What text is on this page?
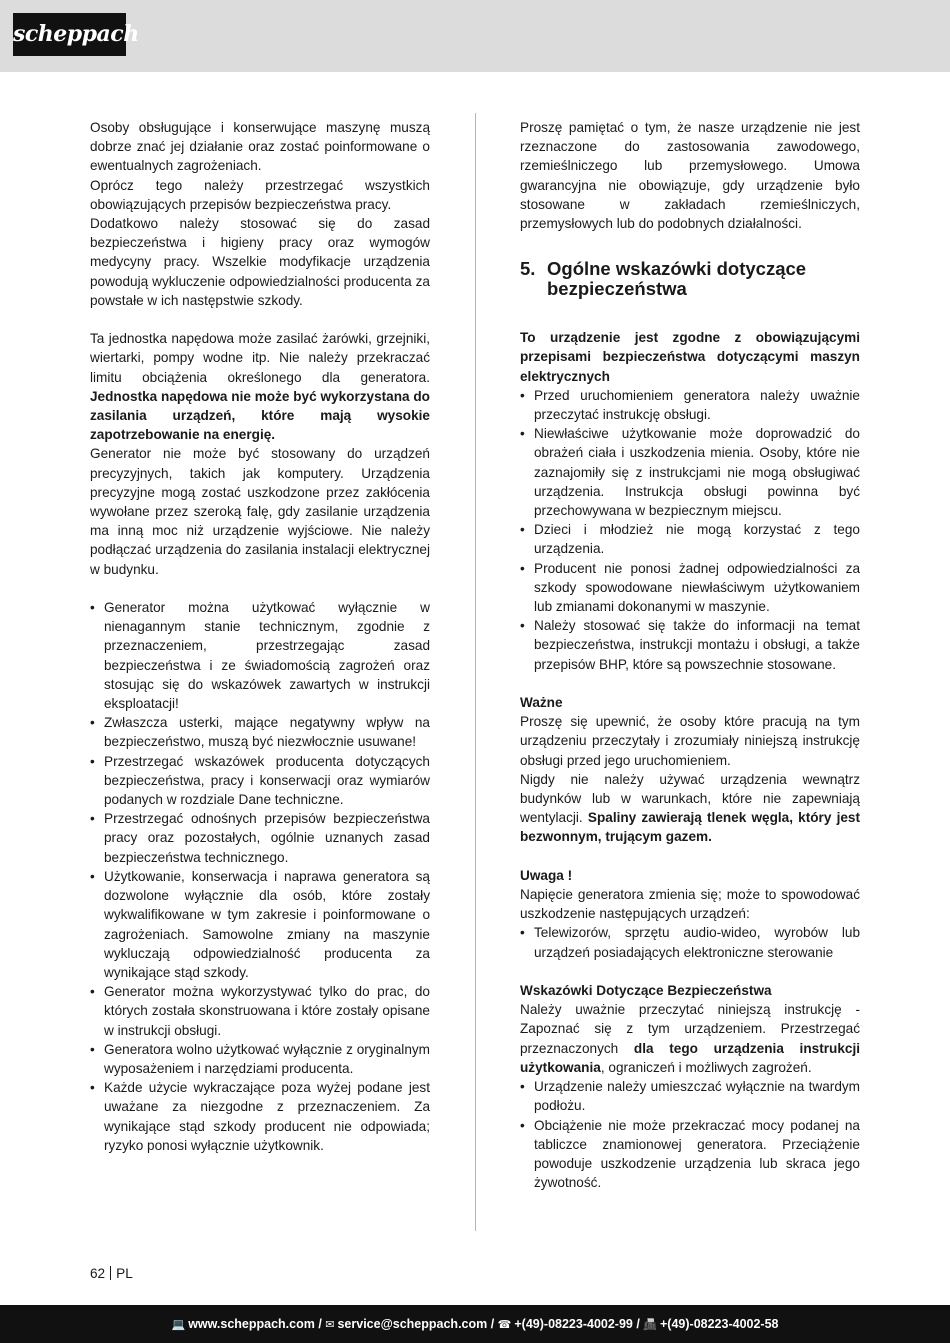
scheppach

Osoby obsługujące i konserwujące maszynę muszą dobrze znać jej działanie oraz zostać poinformowane o ewentualnych zagrożeniach.

Oprócz tego należy przestrzegać wszystkich obowiązujących przepisów bezpieczeństwa pracy.

Dodatkowo należy stosować się do zasad bezpieczeństwa i higieny pracy oraz wymogów medycyny pracy. Wszelkie modyfikacje urządzenia powodują wykluczenie odpowiedzialności producenta za powstałe w ich następstwie szkody.

Ta jednostka napędowa może zasilać żarówki, grzejniki, wiertarki, pompy wodne itp. Nie należy przekraczać limitu obciążenia określonego dla generatora. Jednostka napędowa nie może być wykorzystana do zasilania urządzeń, które mają wysokie zapotrzebowanie na energię.

Generator nie może być stosowany do urządzeń precyzyjnych, takich jak komputery. Urządzenia precyzyjne mogą zostać uszkodzone przez zakłócenia wywołane przez szeroką falę, gdy zasilanie urządzenia ma inną moc niż urządzenie wyjściowe. Nie należy podłączać urządzenia do zasilania instalacji elektrycznej w budynku.

• Generator można użytkować wyłącznie w nienagannym stanie technicznym, zgodnie z przeznaczeniem, przestrzegając zasad bezpieczeństwa i ze świadomością zagrożeń oraz stosując się do wskazówek zawartych w instrukcji eksploatacji!
• Zwłaszcza usterki, mające negatywny wpływ na bezpieczeństwo, muszą być niezwłocznie usuwane!
• Przestrzegać wskazówek producenta dotyczących bezpieczeństwa, pracy i konserwacji oraz wymiarów podanych w rozdziale Dane techniczne.
• Przestrzegać odnośnych przepisów bezpieczeństwa pracy oraz pozostałych, ogólnie uznanych zasad bezpieczeństwa technicznego.
• Użytkowanie, konserwacja i naprawa generatora są dozwolone wyłącznie dla osób, które zostały wykwalifikowane w tym zakresie i poinformowane o zagrożeniach. Samowolne zmiany na maszynie wykluczają odpowiedzialność producenta za wynikające stąd szkody.
• Generator można wykorzystywać tylko do prac, do których została skonstruowana i które zostały opisane w instrukcji obsługi.
• Generatora wolno użytkować wyłącznie z oryginalnym wyposażeniem i narzędziami producenta.
• Każde użycie wykraczające poza wyżej podane jest uważane za niezgodne z przeznaczeniem. Za wynikające stąd szkody producent nie odpowiada; ryzyko ponosi wyłącznie użytkownik.

Proszę pamiętać o tym, że nasze urządzenie nie jest rzeznaczone do zastosowania zawodowego, rzemieślniczego lub przemysłowego. Umowa gwarancyjna nie obowiązuje, gdy urządzenie było stosowane w zakładach rzemieślniczych, przemysłowych lub do podobnych działalności.

5. Ogólne wskazówki dotyczące bezpieczeństwa

To urządzenie jest zgodne z obowiązującymi przepisami bezpieczeństwa dotyczącymi maszyn elektrycznych

• Przed uruchomieniem generatora należy uważnie przeczytać instrukcję obsługi.
• Niewłaściwe użytkowanie może doprowadzić do obrażeń ciała i uszkodzenia mienia. Osoby, które nie zaznajomiły się z instrukcjami nie mogą obsługiwać urządzenia. Instrukcja obsługi powinna być przechowywana w bezpiecznym miejscu.
• Dzieci i młodzież nie mogą korzystać z tego urządzenia.
• Producent nie ponosi żadnej odpowiedzialności za szkody spowodowane niewłaściwym użytkowaniem lub zmianami dokonanymi w maszynie.
• Należy stosować się także do informacji na temat bezpieczeństwa, instrukcji montażu i obsługi, a także przepisów BHP, które są powszechnie stosowane.

Ważne

Proszę się upewnić, że osoby które pracują na tym urządzeniu przeczytały i zrozumiały niniejszą instrukcję obsługi przed jego uruchomieniem.

Nigdy nie należy używać urządzenia wewnątrz budynków lub w warunkach, które nie zapewniają wentylacji. Spaliny zawierają tlenek węgla, który jest bezwonnym, trującym gazem.

Uwaga !

Napięcie generatora zmienia się; może to spowodować uszkodzenie następujących urządzeń:

• Telewizorów, sprzętu audio-wideo, wyrobów lub urządzeń posiadających elektroniczne sterowanie

Wskazówki Dotyczące Bezpieczeństwa

Należy uważnie przeczytać niniejszą instrukcję - Zapoznać się z tym urządzeniem. Przestrzegać przeznaczonych dla tego urządzenia instrukcji użytkowania, ograniczeń i możliwych zagrożeń.

• Urządzenie należy umieszczać wyłącznie na twardym podłożu.
• Obciążenie nie może przekraczać mocy podanej na tabliczce znamionowej generatora. Przeciążenie powoduje uszkodzenie urządzenia lub skraca jego żywotność.
62 PL
💻 www.scheppach.com / ✉ service@scheppach.com / ☎ +(49)-08223-4002-99 / 📠 +(49)-08223-4002-58
